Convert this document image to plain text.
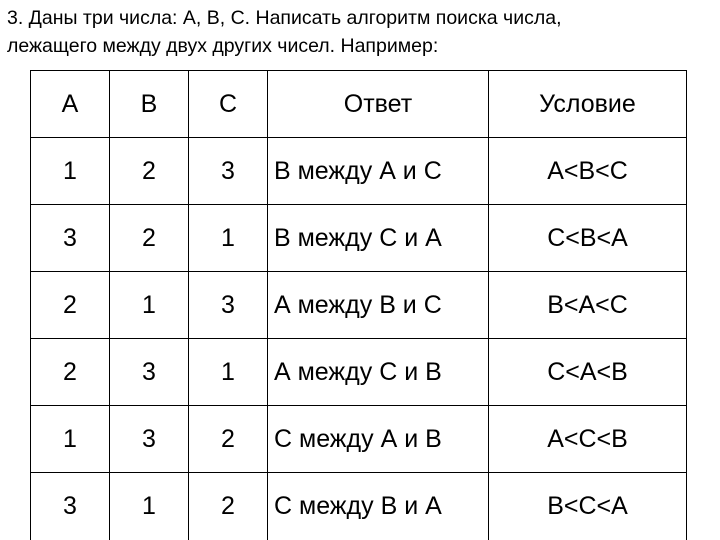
3. Даны три числа: А, В, С. Написать алгоритм поиска числа,
лежащего между двух других чисел. Например:
А	В	С	Ответ	Условие
1	2	3	В между А и С	А<В<С
3	2	1	В между С и А	С<В<А
2	1	3	А между В и С	В<А<С
2	3	1	А между С и В	С<А<В
1	3	2	С между А и В	А<С<В
3	1	2	С между В и А	В<С<А
